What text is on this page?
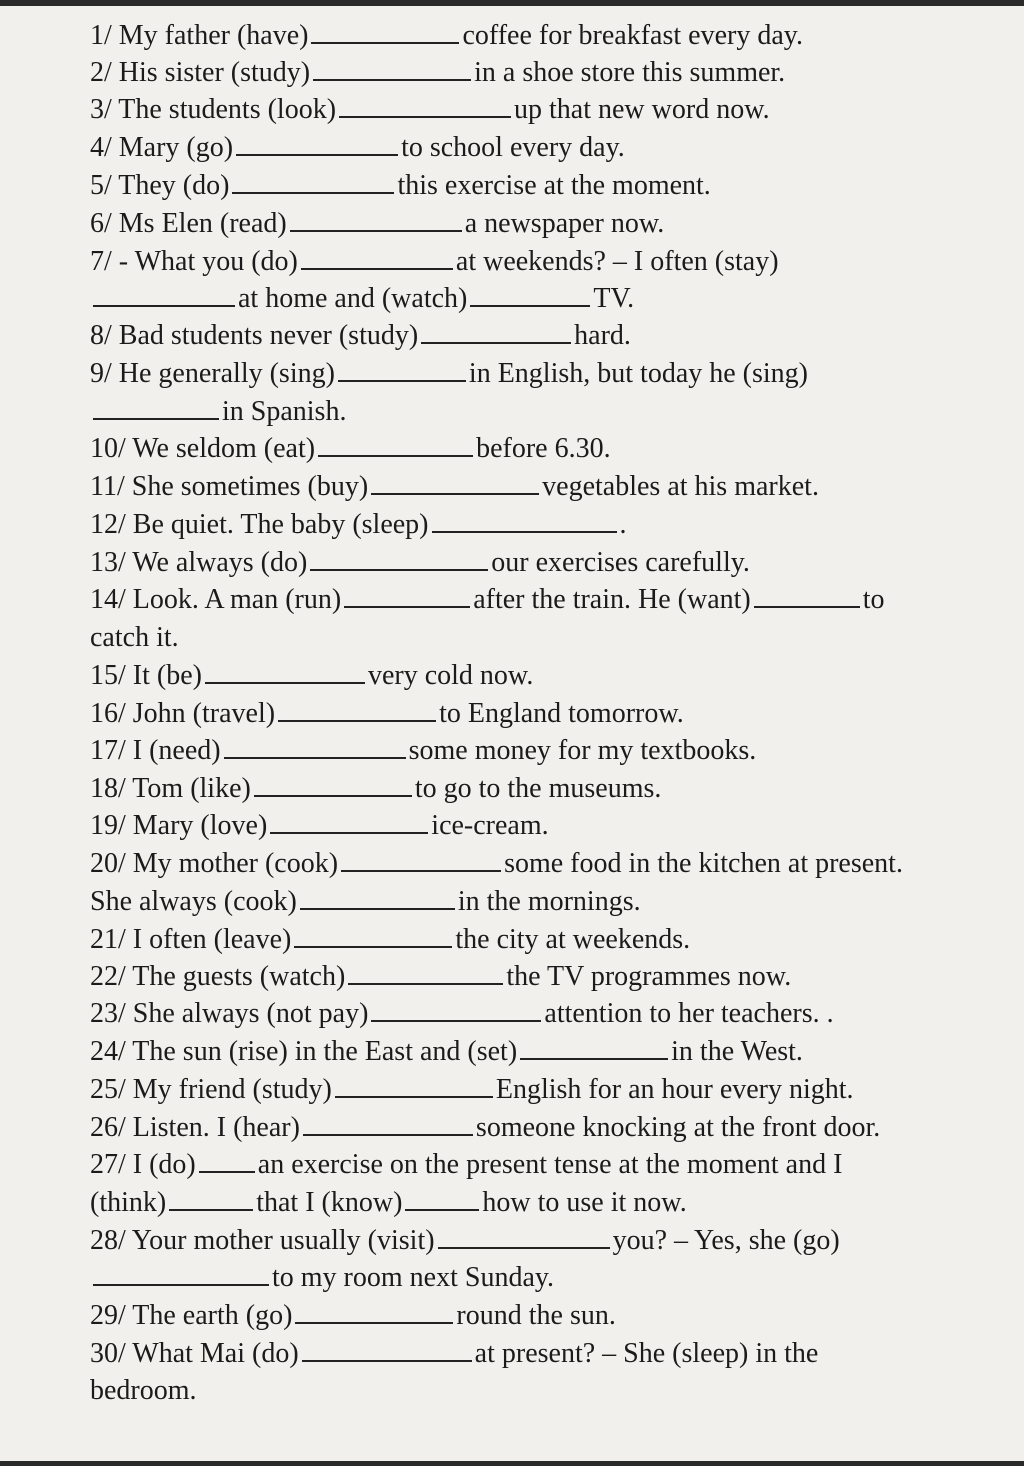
1/ My father (have)	coffee for breakfast every day.
2/ His sister (study)	in a shoe store this summer.
3/ The students (look)	up that new word now.
4/ Mary (go)	to school every day.
5/ They (do)	this exercise at the moment.
6/ Ms Elen (read)	a newspaper now.
7/ - What you (do)	at weekends? – I often (stay)
at home and (watch)	TV.
8/ Bad students never (study)	hard.
9/ He generally (sing)	in English, but today he (sing)
in Spanish.
10/ We seldom (eat)	before 6.30.
11/ She sometimes (buy)	vegetables at his market.
12/ Be quiet. The baby (sleep)	.
13/ We always (do)	our exercises carefully.
14/ Look. A man (run)	after the train. He (want)	to
catch it.
15/ It (be)	very cold now.
16/ John (travel)	to England tomorrow.
17/ I (need)	some money for my textbooks.
18/ Tom (like)	to go to the museums.
19/ Mary (love)	ice-cream.
20/ My mother (cook)	some food in the kitchen at present.
She always (cook)	in the mornings.
21/ I often (leave)	the city at weekends.
22/ The guests (watch)	the TV programmes now.
23/ She always (not pay)	attention to her teachers. .
24/ The sun (rise) in the East and (set)	in the West.
25/ My friend (study)	English for an hour every night.
26/ Listen. I (hear)	someone knocking at the front door.
27/ I (do) an exercise on the present tense at the moment and I
(think)	that I (know)	how to use it now.
28/ Your mother usually (visit)	you? – Yes, she (go)
to my room next Sunday.
29/ The earth (go)	round the sun.
30/ What Mai (do)	at present? – She (sleep) in the
bedroom.
